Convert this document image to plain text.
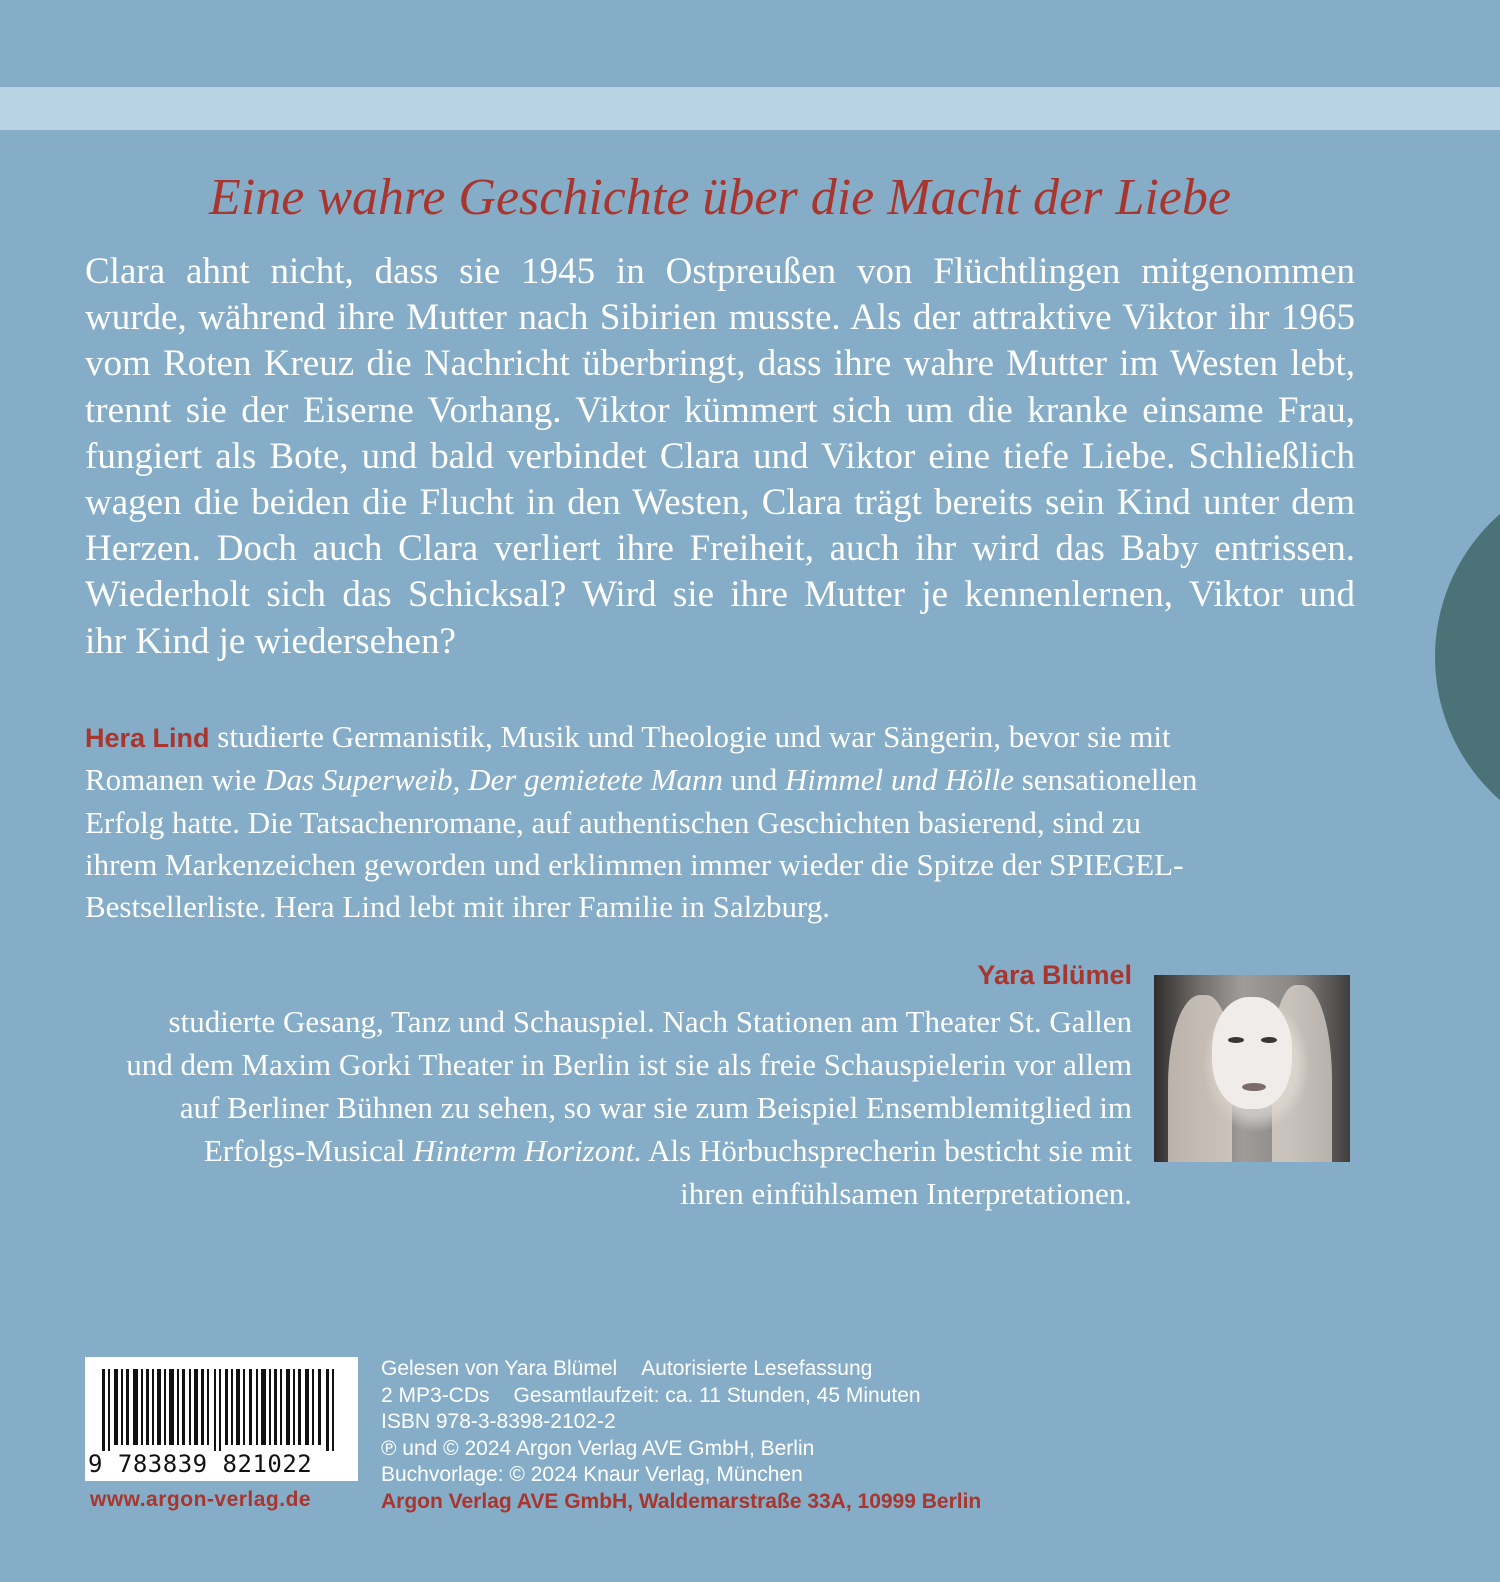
Eine wahre Geschichte über die Macht der Liebe
Clara ahnt nicht, dass sie 1945 in Ostpreußen von Flüchtlingen mitgenommen
wurde, während ihre Mutter nach Sibirien musste. Als der attraktive Viktor ihr 1965
vom Roten Kreuz die Nachricht überbringt, dass ihre wahre Mutter im Westen lebt,
trennt sie der Eiserne Vorhang. Viktor kümmert sich um die kranke einsame Frau,
fungiert als Bote, und bald verbindet Clara und Viktor eine tiefe Liebe. Schließlich
wagen die beiden die Flucht in den Westen, Clara trägt bereits sein Kind unter dem
Herzen. Doch auch Clara verliert ihre Freiheit, auch ihr wird das Baby entrissen.
Wiederholt sich das Schicksal? Wird sie ihre Mutter je kennenlernen, Viktor und
ihr Kind je wiedersehen?
Hera Lind studierte Germanistik, Musik und Theologie und war Sängerin, bevor sie mit
Romanen wie Das Superweib, Der gemietete Mann und Himmel und Hölle sensationellen
Erfolg hatte. Die Tatsachenromane, auf authentischen Geschichten basierend, sind zu
ihrem Markenzeichen geworden und erklimmen immer wieder die Spitze der SPIEGEL-
Bestsellerliste. Hera Lind lebt mit ihrer Familie in Salzburg.
Yara Blümel
studierte Gesang, Tanz und Schauspiel. Nach Stationen am Theater St. Gallen
und dem Maxim Gorki Theater in Berlin ist sie als freie Schauspielerin vor allem
auf Berliner Bühnen zu sehen, so war sie zum Beispiel Ensemblemitglied im
Erfolgs-Musical Hinterm Horizont. Als Hörbuchsprecherin besticht sie mit
ihren einfühlsamen Interpretationen.
9 783839 821022
www.argon-verlag.de
Gelesen von Yara Blümel Autorisierte Lesefassung
2 MP3-CDs Gesamtlaufzeit: ca. 11 Stunden, 45 Minuten
ISBN 978-3-8398-2102-2
℗ und © 2024 Argon Verlag AVE GmbH, Berlin
Buchvorlage: © 2024 Knaur Verlag, München
Argon Verlag AVE GmbH, Waldemarstraße 33A, 10999 Berlin
